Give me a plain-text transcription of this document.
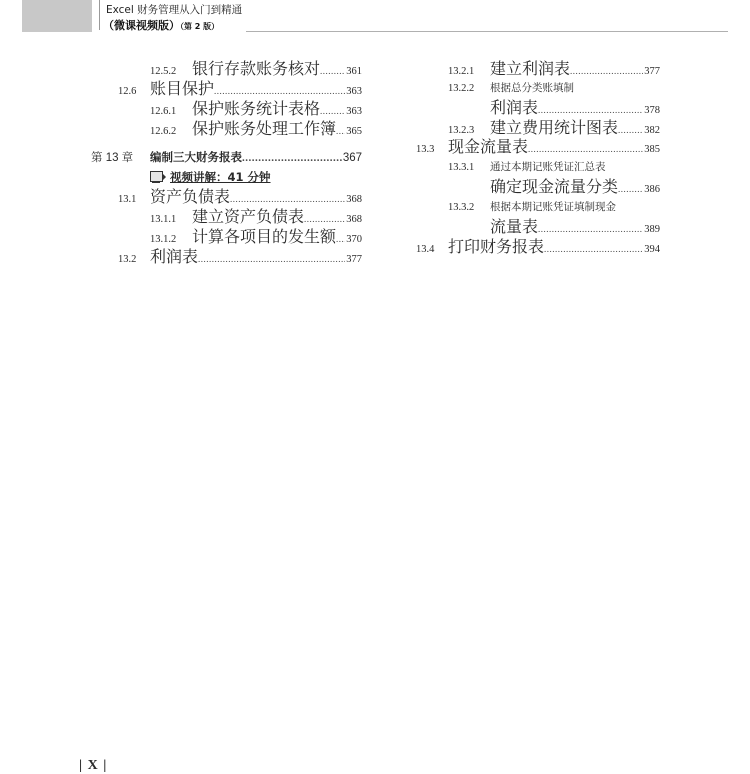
Excel 财务管理从入门到精通
（微课视频版）（第 2 版）
12.5.2 银行存款账务核对 ..... 361
12.6 账目保护 .....	363
12.6.1 保护账务统计表格 ..... 363
12.6.2 保护账务处理工作簿 ..... 365
第 13 章	编制三大财务报表 .....	367
视频讲解：41 分钟
13.1 资产负债表 .....	368
13.1.1 建立资产负债表 .....	368
13.1.2 计算各项目的发生额 ..... 370
13.2 利润表 .....	377
13.2.1 建立利润表 .....	377
13.2.2 根据总分类账填制
利润表 .....	378
13.2.3 建立费用统计图表 ..... 382
13.3 现金流量表 .....	385
13.3.1 通过本期记账凭证汇总表
确定现金流量分类 ..... 386
13.3.2 根据本期记账凭证填制现金
流量表 .....	389
13.4 打印财务报表 .....	394
| X |
